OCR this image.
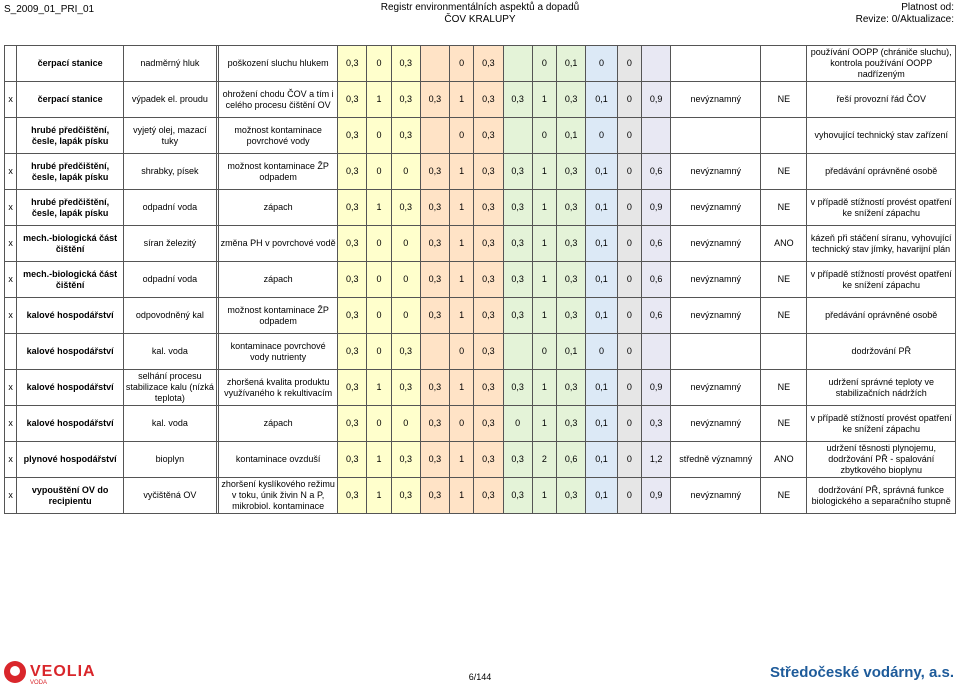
S_2009_01_PRI_01	Registr environmentálních aspektů a dopadů
ČOV KRALUPY
Platnost od:
Revize: 0/Aktualizace:
	čerpací stanice	nadměrný hluk		poškození sluchu hlukem	0,3	0	0,3		0	0,3		0	0,1	0	0				používání OOPP (chrániče sluchu), kontrola používání OOPP nadřízeným
x	čerpací stanice	výpadek el. proudu		ohrožení chodu ČOV a tím i celého procesu čištění OV	0,3	1	0,3	0,3	1	0,3	0,3	1	0,3	0,1	0	0,9	nevýznamný	NE	řeší provozní řád ČOV
	hrubé předčištění, česle, lapák písku	vyjetý olej, mazací tuky		možnost kontaminace povrchové vody	0,3	0	0,3		0	0,3		0	0,1	0	0				vyhovující technický stav zařízení
x	hrubé předčištění, česle, lapák písku	shrabky, písek		možnost kontaminace ŽP odpadem	0,3	0	0	0,3	1	0,3	0,3	1	0,3	0,1	0	0,6	nevýznamný	NE	předávání oprávněné osobě
x	hrubé předčištění, česle, lapák písku	odpadní voda		zápach	0,3	1	0,3	0,3	1	0,3	0,3	1	0,3	0,1	0	0,9	nevýznamný	NE	v případě stížností provést opatření ke snížení zápachu
x	mech.-biologická část čištění	síran železitý		změna PH v povrchové vodě	0,3	0	0	0,3	1	0,3	0,3	1	0,3	0,1	0	0,6	nevýznamný	ANO	kázeň při stáčení síranu, vyhovující technický stav jímky, havarijní plán
x	mech.-biologická část čištění	odpadní voda		zápach	0,3	0	0	0,3	1	0,3	0,3	1	0,3	0,1	0	0,6	nevýznamný	NE	v případě stížností provést opatření ke snížení zápachu
x	kalové hospodářství	odpovodněný kal		možnost kontaminace ŽP odpadem	0,3	0	0	0,3	1	0,3	0,3	1	0,3	0,1	0	0,6	nevýznamný	NE	předávání oprávněné osobě
	kalové hospodářství	kal. voda		kontaminace povrchové vody nutrienty	0,3	0	0,3		0	0,3		0	0,1	0	0				dodržování PŘ
x	kalové hospodářství	selhání procesu stabilizace kalu (nízká teplota)		zhoršená kvalita produktu využívaného k rekultivacím	0,3	1	0,3	0,3	1	0,3	0,3	1	0,3	0,1	0	0,9	nevýznamný	NE	udržení správné teploty ve stabilizačních nádržích
x	kalové hospodářství	kal. voda		zápach	0,3	0	0	0,3	0	0,3	0	1	0,3	0,1	0	0,3	nevýznamný	NE	v případě stížností provést opatření ke snížení zápachu
x	plynové hospodářství	bioplyn		kontaminace ovzduší	0,3	1	0,3	0,3	1	0,3	0,3	2	0,6	0,1	0	1,2	středně významný	ANO	udržení těsnosti plynojemu, dodržování PŘ - spalování zbytkového bioplynu
x	vypouštění OV do recipientu	vyčištěná OV		zhoršení kyslíkového režimu v toku, únik živin N a P, mikrobiol. kontaminace	0,3	1	0,3	0,3	1	0,3	0,3	1	0,3	0,1	0	0,9	nevýznamný	NE	dodržování PŘ, správná funkce biologického a separačního stupně
VEOLIA
VODA
6/144	Středočeské vodárny, a.s.
